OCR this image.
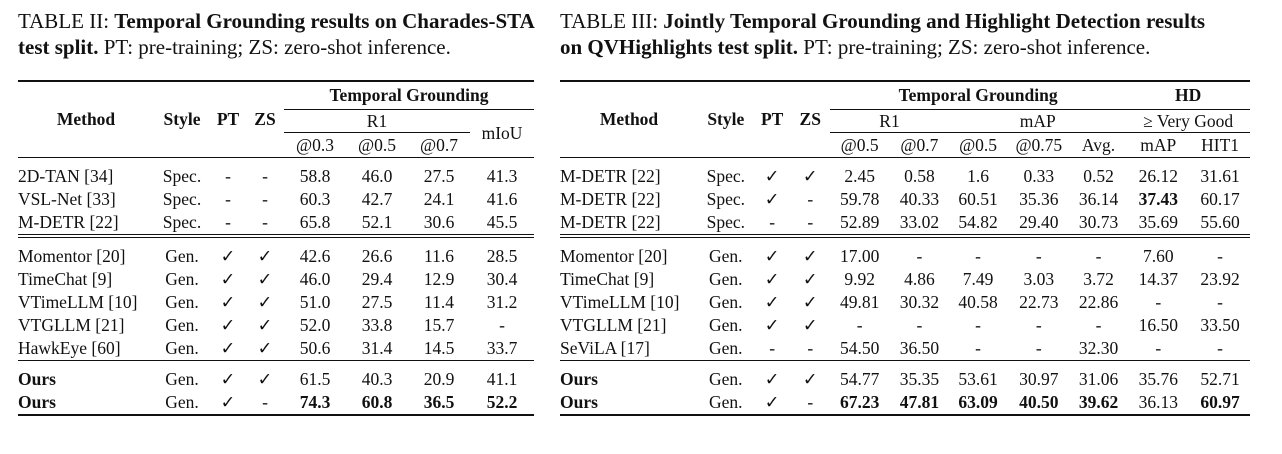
TABLE II: Temporal Grounding results on Charades-STA test split. PT: pre-training; ZS: zero-shot inference.
TABLE III: Jointly Temporal Grounding and Highlight Detection results
on QVHighlights test split. PT: pre-training; ZS: zero-shot inference.
Method	Style	PT	ZS	Temporal Grounding			
				R1			mIoU
				@0.3	@0.5	@0.7	
2D-TAN [34]	Spec.	-	-	58.8	46.0	27.5	41.3
VSL-Net [33]	Spec.	-	-	60.3	42.7	24.1	41.6
M-DETR [22]	Spec.	-	-	65.8	52.1	30.6	45.5
Momentor [20]	Gen.	✓	✓	42.6	26.6	11.6	28.5
TimeChat [9]	Gen.	✓	✓	46.0	29.4	12.9	30.4
VTimeLLM [10]	Gen.	✓	✓	51.0	27.5	11.4	31.2
VTGLLM [21]	Gen.	✓	✓	52.0	33.8	15.7	-
HawkEye [60]	Gen.	✓	✓	50.6	31.4	14.5	33.7
Ours	Gen.	✓	✓	61.5	40.3	20.9	41.1
Ours	Gen.	✓	-	74.3	60.8	36.5	52.2
Method	Style	PT	ZS	Temporal Grounding					HD	
				R1		mAP			≥ Very Good	
				@0.5	@0.7	@0.5	@0.75	Avg.	mAP	HIT1
M-DETR [22]	Spec.	✓	✓	2.45	0.58	1.6	0.33	0.52	26.12	31.61
M-DETR [22]	Spec.	✓	-	59.78	40.33	60.51	35.36	36.14	37.43	60.17
M-DETR [22]	Spec.	-	-	52.89	33.02	54.82	29.40	30.73	35.69	55.60
Momentor [20]	Gen.	✓	✓	17.00	-	-	-	-	7.60	-
TimeChat [9]	Gen.	✓	✓	9.92	4.86	7.49	3.03	3.72	14.37	23.92
VTimeLLM [10]	Gen.	✓	✓	49.81	30.32	40.58	22.73	22.86	-	-
VTGLLM [21]	Gen.	✓	✓	-	-	-	-	-	16.50	33.50
SeViLA [17]	Gen.	-	-	54.50	36.50	-	-	32.30	-	-
Ours	Gen.	✓	✓	54.77	35.35	53.61	30.97	31.06	35.76	52.71
Ours	Gen.	✓	-	67.23	47.81	63.09	40.50	39.62	36.13	60.97
